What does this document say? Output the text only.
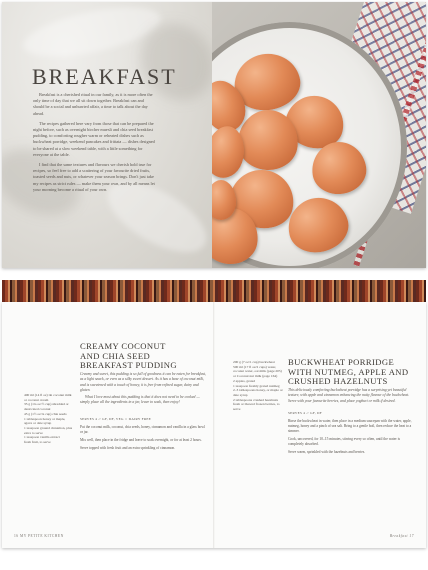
BREAKFAST

Breakfast is a cherished ritual in our family, as it is more often the only time of day that we all sit down together. Breakfast can and should be a social and unhurried affair, a time to talk about the day ahead.

The recipes gathered here vary from those that can be prepared the night before, such as overnight bircher muesli and chia seed breakfast pudding, to comforting rougher warm or reheated dishes such as buckwheat porridge, weekend pancakes and frittata — dishes designed to be shared at a slow weekend table, with a little something for everyone at the table.

I find that the same textures and flavours we cherish hold true for recipes, so feel free to add a scattering of your favourite dried fruits, toasted seeds and nuts, or whatever your season brings. Don't just take my recipes as strict rules — make them your own, and by all means let your morning become a ritual of your own.

CREAMY COCONUT
AND CHIA SEED
BREAKFAST PUDDING

Creamy and sweet, this pudding is so full of goodness it can be eaten for breakfast, as a light snack, or even as a silky sweet dessert. As it has a base of coconut milk, and is sweetened with a touch of honey, it is free from refined sugar, dairy and gluten.

What I love most about this pudding is that it does not need to be cooked — simply place all the ingredients in a jar, leave to soak, then enjoy!

SERVES 4 // GF, DF, VEG // DAIRY FREE

400 ml (14 fl oz) tin coconut milk or coconut cream
35 g (1¼ oz/½ cup) shredded or desiccated coconut
45 g (1½ oz/¼ cup) chia seeds
1 tablespoon honey or maple, agave or date syrup
1 teaspoon ground cinnamon, plus extra to serve
1 teaspoon vanilla extract
fresh fruit, to serve

Put the coconut milk, coconut, chia seeds, honey, cinnamon and vanilla in a glass bowl or jar.

Mix well, then place in the fridge and leave to soak overnight, or for at least 2 hours.

Serve topped with fresh fruit and an extra sprinkling of cinnamon.

200 g (7 oz/1 cup) buckwheat
500 ml (17 fl oz/2 cups) water, coconut water, oat milk (page 205) or Coconut nut milk (page 164)
2 apples, grated
1 teaspoon freshly grated nutmeg
2–3 tablespoons honey, or maple or date syrup
2 tablespoons crushed hazelnuts
fresh or thawed frozen berries, to serve
BUCKWHEAT PORRIDGE
WITH NUTMEG, APPLE AND
CRUSHED HAZELNUTS

This deliciously comforting buckwheat porridge has a surprising yet beautiful texture, with apple and cinnamon enhancing the nutty flavour of the buckwheat. Serve with your favourite berries, and place yoghurt or milk if desired.

SERVES 4 // GF, DF

Rinse the buckwheat in water, then place in a medium saucepan with the water, apple, nutmeg, honey and a pinch of sea salt. Bring to a gentle boil, then reduce the heat to a simmer.

Cook, uncovered, for 10–15 minutes, stirring every so often, until the water is completely absorbed.

Serve warm, sprinkled with the hazelnuts and berries.

16 MY PETITE KITCHEN	Breakfast 17
